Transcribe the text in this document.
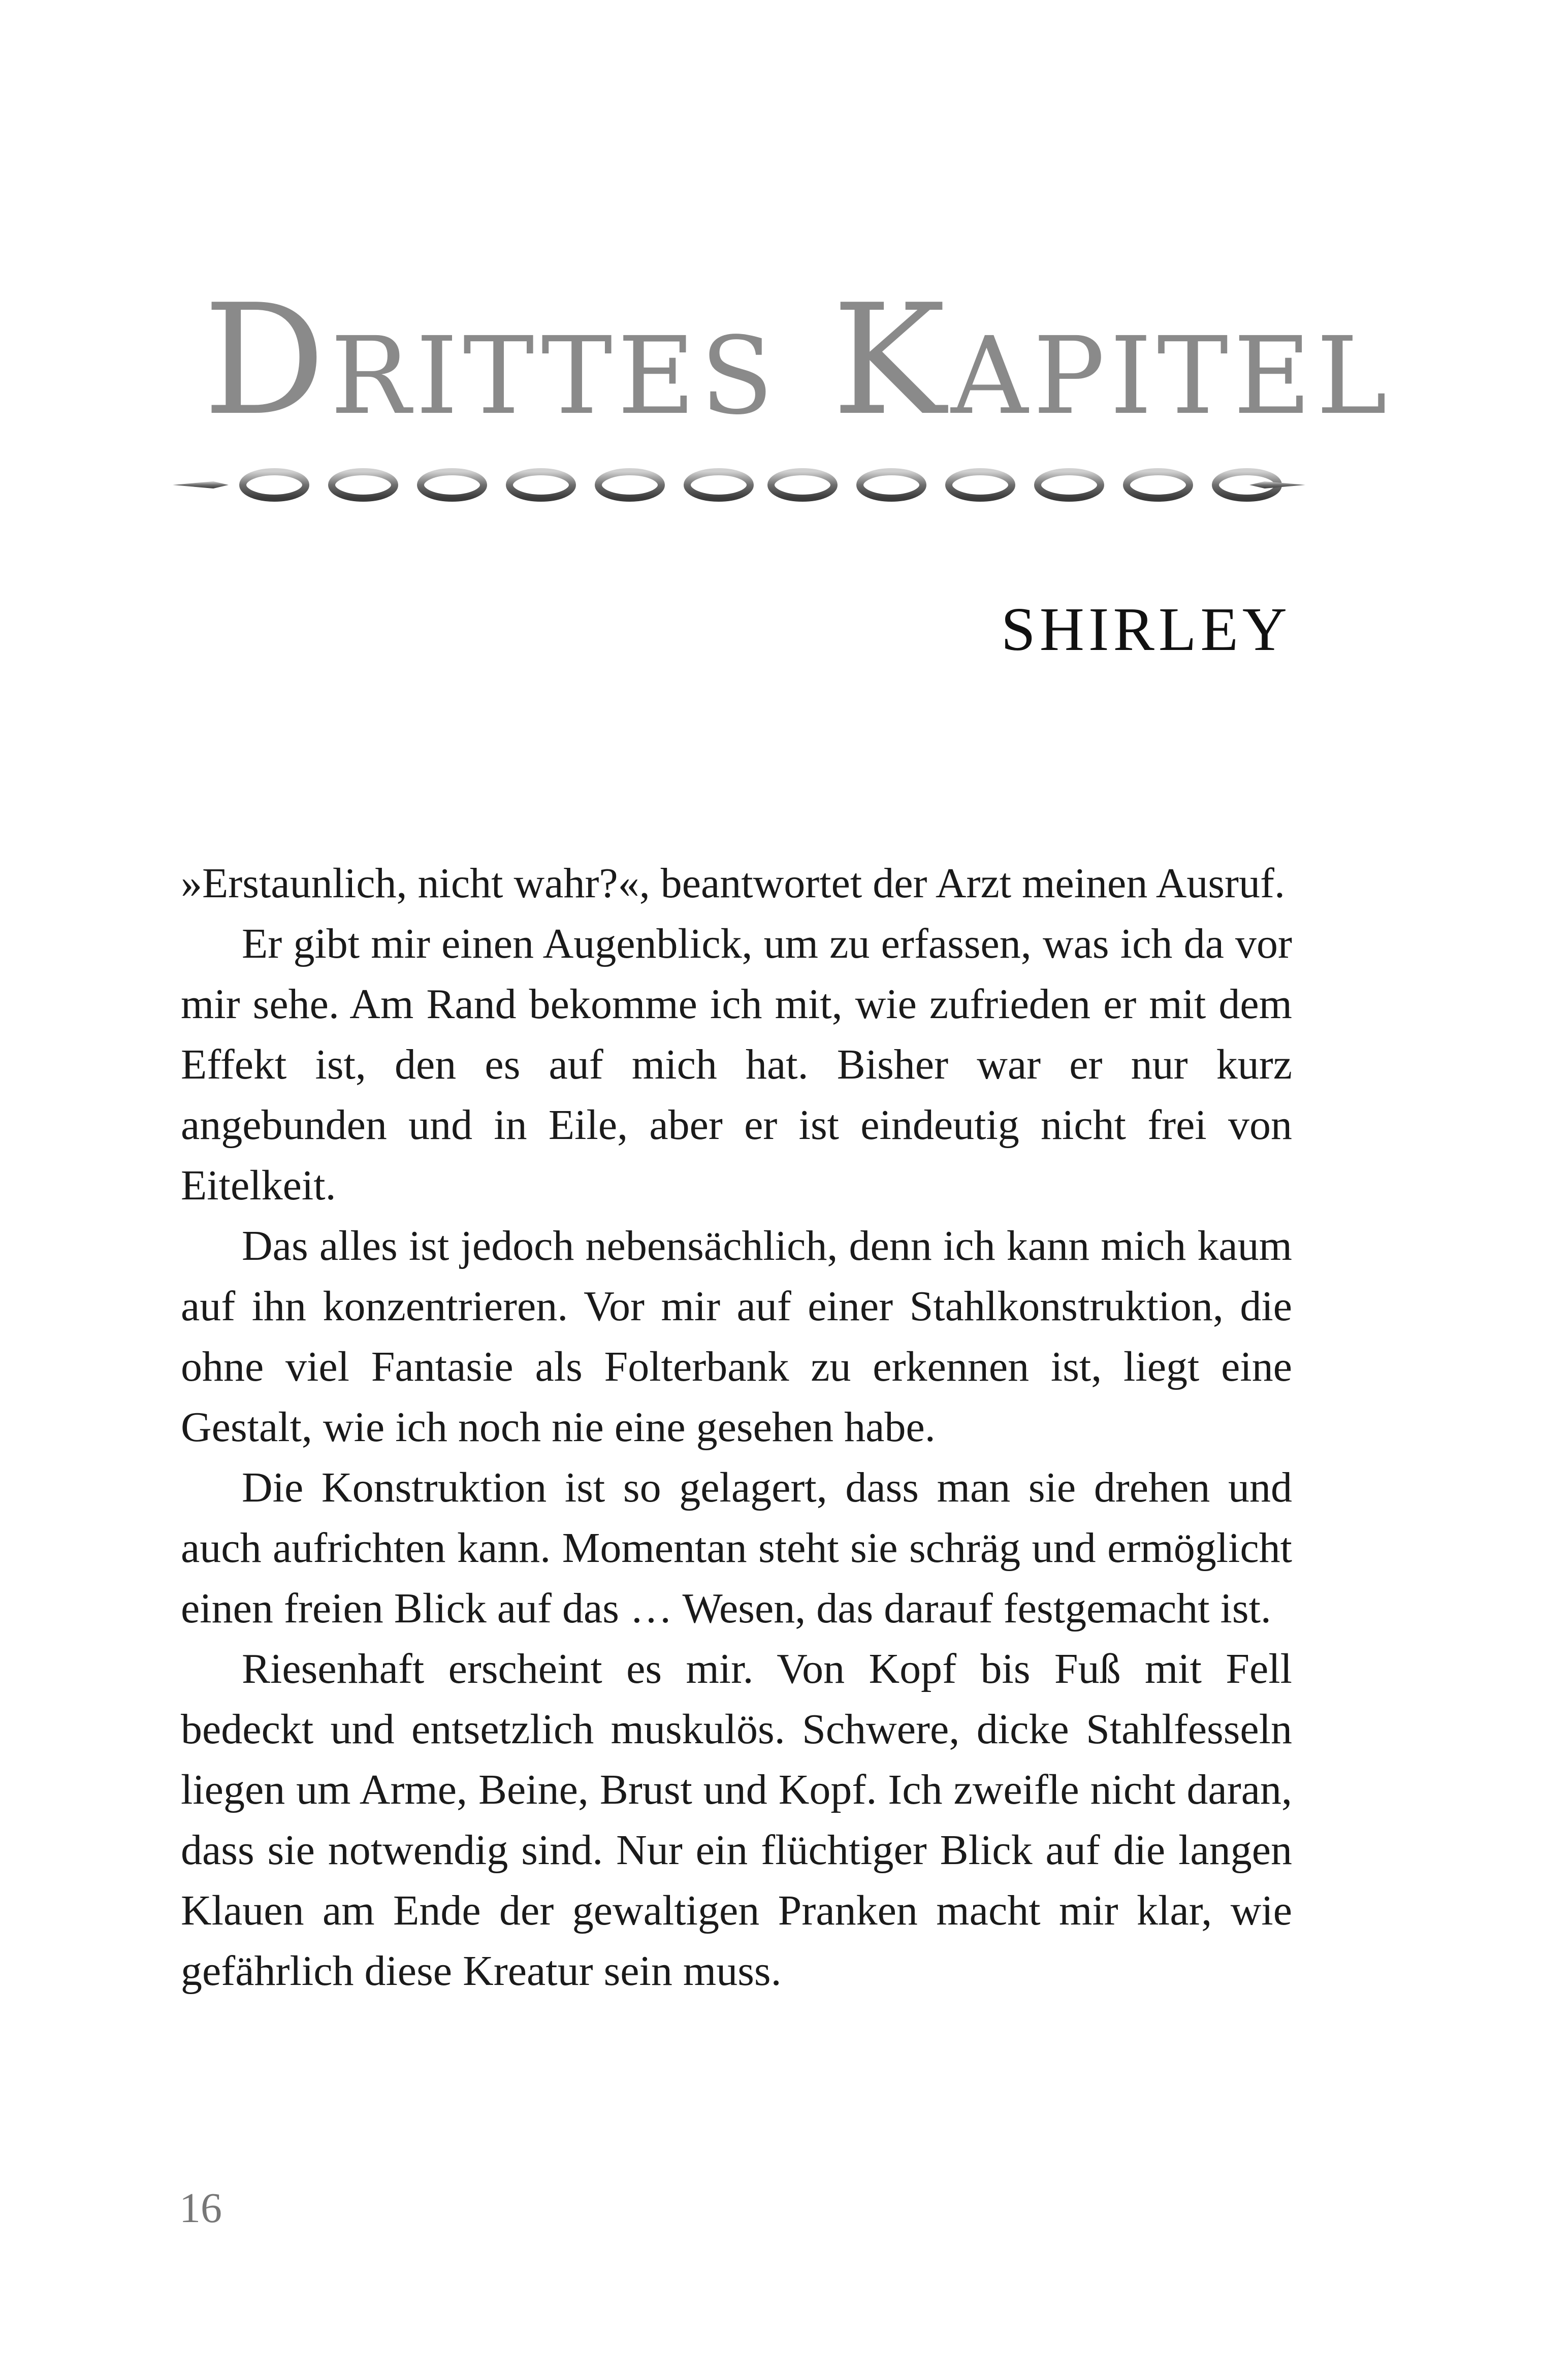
Drittes Kapitel
SHIRLEY

»Erstaunlich, nicht wahr?«, beantwortet der Arzt meinen Ausruf.

Er gibt mir einen Augenblick, um zu erfassen, was ich da vor mir sehe. Am Rand bekomme ich mit, wie zufrieden er mit dem Effekt ist, den es auf mich hat. Bisher war er nur kurz angebunden und in Eile, aber er ist eindeutig nicht frei von Eitelkeit.

Das alles ist jedoch nebensächlich, denn ich kann mich kaum auf ihn konzentrieren. Vor mir auf einer Stahlkonstruktion, die ohne viel Fantasie als Folterbank zu erkennen ist, liegt eine Gestalt, wie ich noch nie eine gesehen habe.

Die Konstruktion ist so gelagert, dass man sie drehen und auch aufrichten kann. Momentan steht sie schräg und ermöglicht einen freien Blick auf das … Wesen, das darauf festgemacht ist.

Riesenhaft erscheint es mir. Von Kopf bis Fuß mit Fell bedeckt und entsetzlich muskulös. Schwere, dicke Stahlfesseln liegen um Arme, Beine, Brust und Kopf. Ich zweifle nicht daran, dass sie notwendig sind. Nur ein flüchtiger Blick auf die langen Klauen am Ende der gewaltigen Pranken macht mir klar, wie gefährlich diese Kreatur sein muss.

16
